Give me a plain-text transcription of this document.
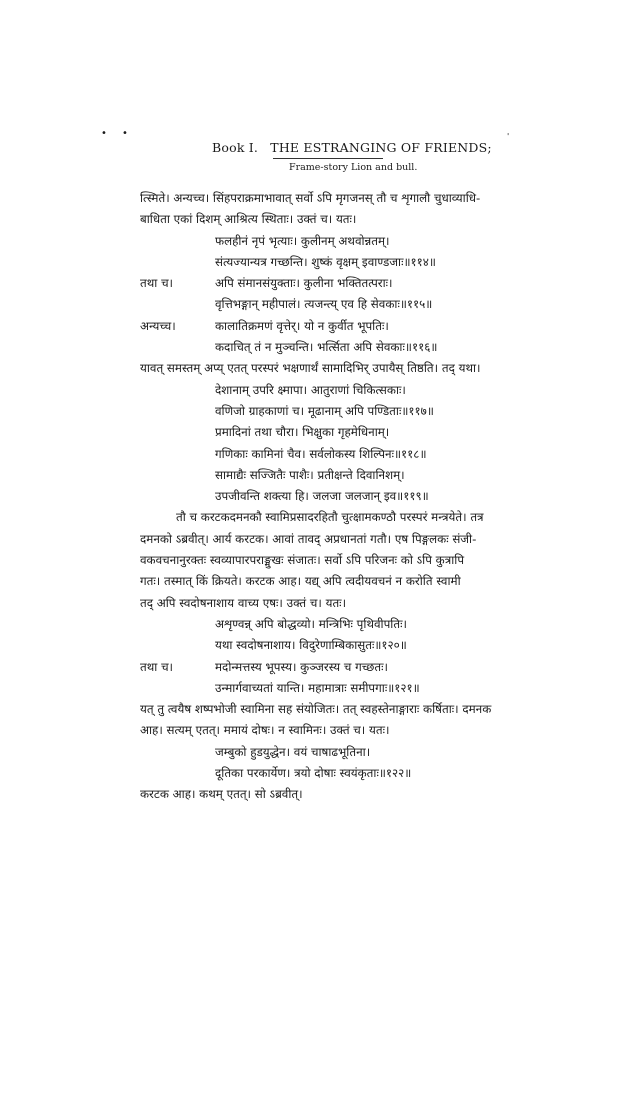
• •	'
Book I. THE ESTRANGING OF FRIENDS;
Frame-story Lion and bull.
त्स्मिते। अन्यच्च। सिंहपराक्रमाभावात् सर्वो ऽपि मृगजनस् तौ च शृगालौ चुधाव्याधि-
बाधिता एकां दिशम् आश्रित्य स्थिताः। उक्तं च। यतः।
फलहीनं नृपं भृत्याः। कुलीनम् अथवोन्नतम्।
संत्यज्यान्यत्र गच्छन्ति। शुष्कं वृक्षम् इवाण्डजाः॥११४॥
तथा च।	अपि संमानसंयुक्ताः। कुलीना भक्तितत्पराः।
वृत्तिभङ्गान् महीपालं। त्यजन्त्य् एव हि सेवकाः॥११५॥
अन्यच्च।	कालातिक्रमणं वृत्तेर्। यो न कुर्वीत भूपतिः।
कदाचित् तं न मुञ्चन्ति। भर्त्सिता अपि सेवकाः॥११६॥
यावत् समस्तम् अप्य् एतत् परस्परं भक्षणार्थं सामादिभिर् उपायैस् तिष्ठति। तद् यथा।
देशानाम् उपरि क्ष्मापा। आतुराणां चिकित्सकाः।
वणिजो ग्राहकाणां च। मूढानाम् अपि पण्डिताः॥११७॥
प्रमादिनां तथा चौरा। भिक्षुका गृहमेधिनाम्।
गणिकाः कामिनां चैव। सर्वलोकस्य शिल्पिनः॥११८॥
सामाद्यैः सज्जितैः पाशैः। प्रतीक्षन्ते दिवानिशम्।
उपजीवन्ति शक्त्या हि। जलजा जलजान् इव॥११९॥
तौ च करटकदमनकौ स्वामिप्रसादरहितौ चुत्क्षामकण्ठौ परस्परं मन्त्रयेते। तत्र
दमनको ऽब्रवीत्। आर्य करटक। आवां तावद् अप्रधानतां गतौ। एष पिङ्गलकः संजी-
वकवचनानुरक्तः स्वव्यापारपराङ्मुखः संजातः। सर्वो ऽपि परिजनः को ऽपि कुत्रापि
गतः। तस्मात् किं क्रियते। करटक आह। यद्य् अपि त्वदीयवचनं न करोति स्वामी
तद् अपि स्वदोषनाशाय वाच्य एषः। उक्तं च। यतः।
अशृण्वन्न् अपि बोद्धव्यो। मन्त्रिभिः पृथिवीपतिः।
यथा स्वदोषनाशाय। विदुरेणाम्बिकासुतः॥१२०॥
तथा च।	मदोन्मत्तस्य भूपस्य। कुञ्जरस्य च गच्छतः।
उन्मार्गवाच्यतां यान्ति। महामात्राः समीपगाः॥१२१॥
यत् तु त्वयैष शष्पभोजी स्वामिना सह संयोजितः। तत् स्वहस्तेनाङ्गाराः कर्षिताः। दमनक
आह। सत्यम् एतत्। ममायं दोषः। न स्वामिनः। उक्तं च। यतः।
जम्बुको हुडयुद्धेन। वयं चाषाढभूतिना।
दूतिका परकार्येण। त्रयो दोषाः स्वयंकृताः॥१२२॥
करटक आह। कथम् एतत्। सो ऽब्रवीत्।
